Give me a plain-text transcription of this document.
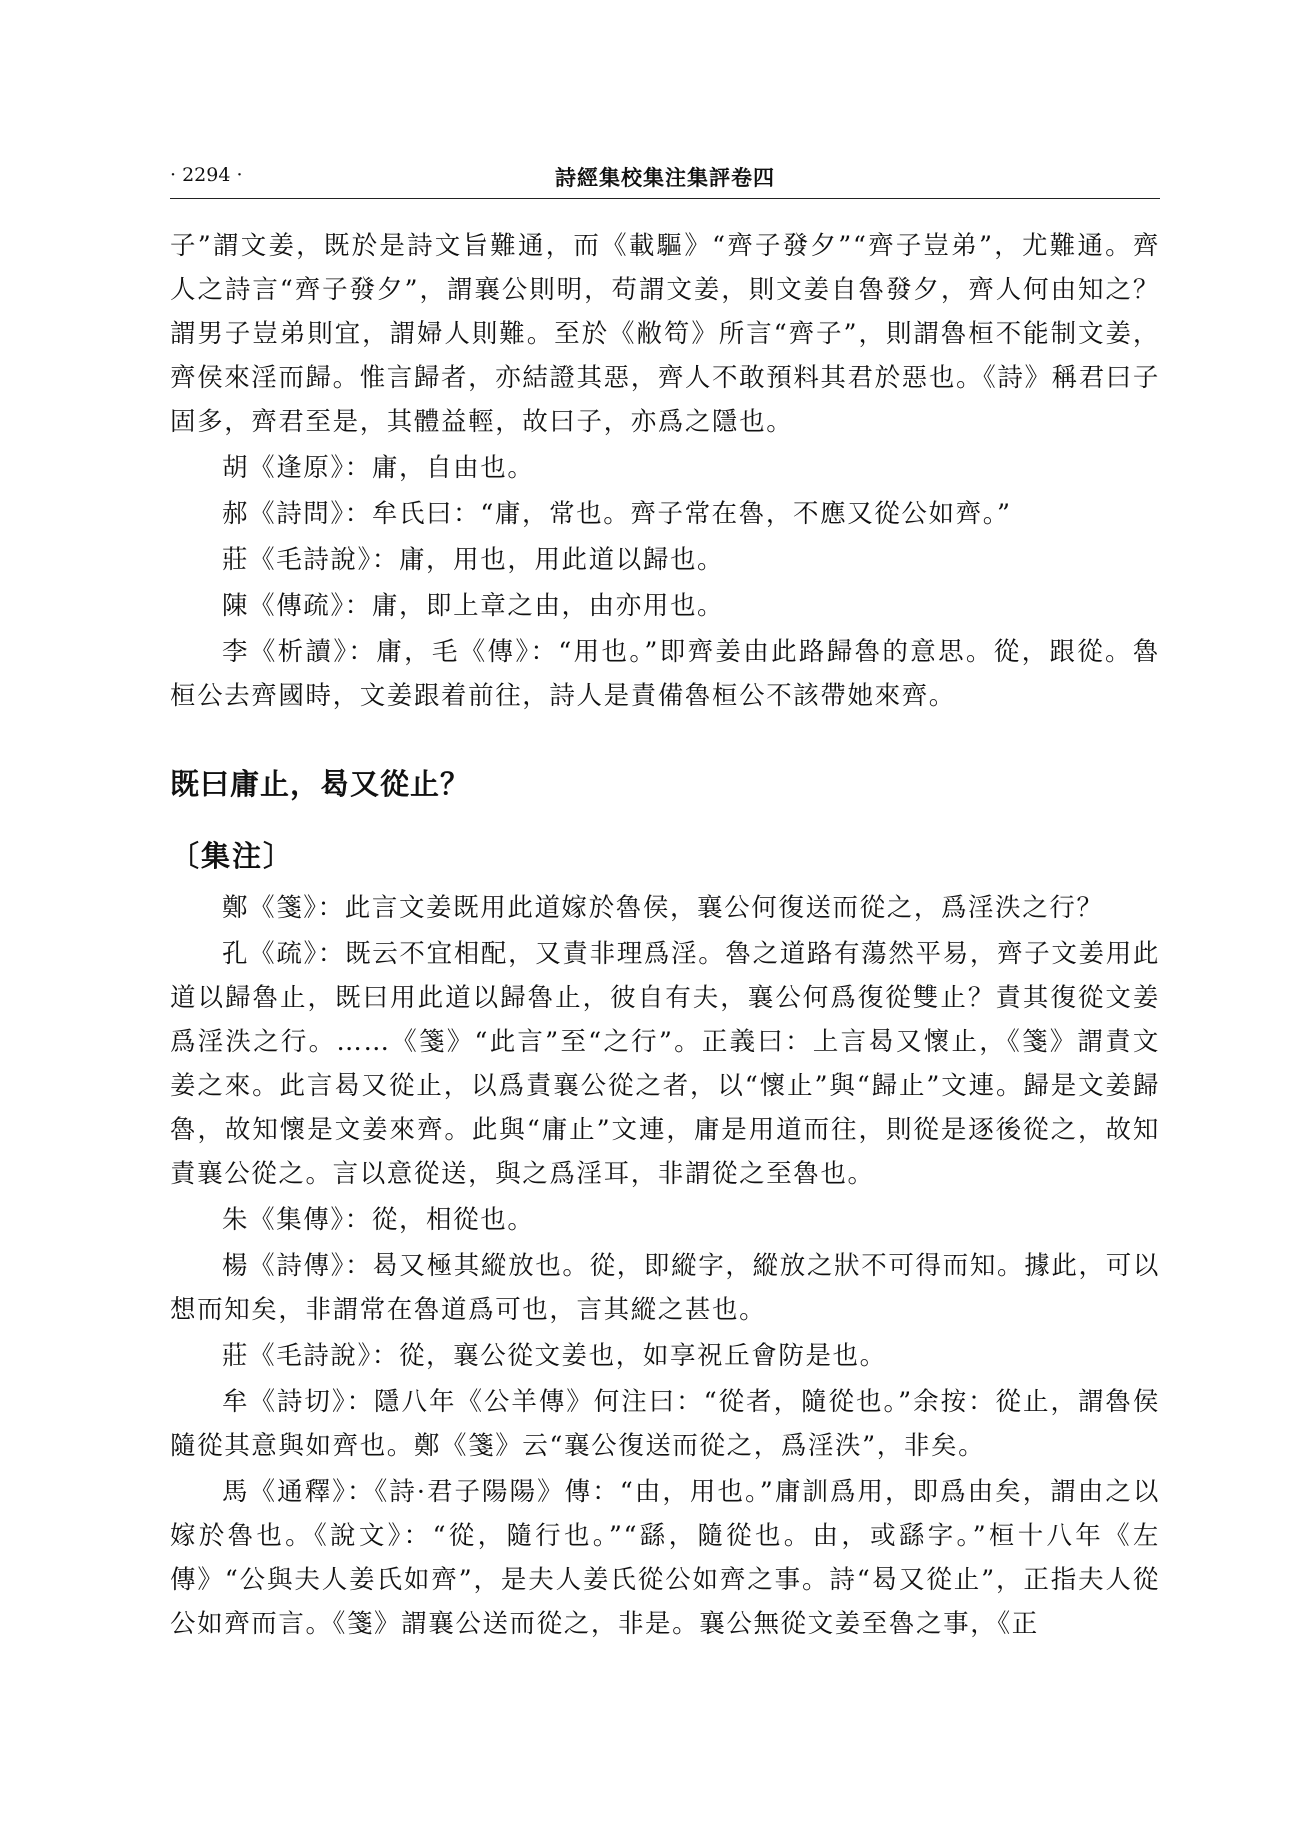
· 2294 ·	詩經集校集注集評卷四

子”謂文姜，既於是詩文旨難通，而《載驅》“齊子發夕”“齊子豈弟”，尤難通。齊人之詩言“齊子發夕”，謂襄公則明，苟謂文姜，則文姜自魯發夕，齊人何由知之？謂男子豈弟則宜，謂婦人則難。至於《敝笱》所言“齊子”，則謂魯桓不能制文姜，齊侯來淫而歸。惟言歸者，亦結證其惡，齊人不敢預料其君於惡也。《詩》稱君曰子固多，齊君至是，其體益輕，故曰子，亦爲之隱也。

胡《逢原》：庸，自由也。

郝《詩問》：牟氏曰：“庸，常也。齊子常在魯，不應又從公如齊。”

莊《毛詩說》：庸，用也，用此道以歸也。

陳《傳疏》：庸，即上章之由，由亦用也。

李《析讀》：庸，毛《傳》：“用也。”即齊姜由此路歸魯的意思。從，跟從。魯桓公去齊國時，文姜跟着前往，詩人是責備魯桓公不該帶她來齊。

既曰庸止，曷又從止？
〔集注〕

鄭《箋》：此言文姜既用此道嫁於魯侯，襄公何復送而從之，爲淫泆之行？

孔《疏》：既云不宜相配，又責非理爲淫。魯之道路有蕩然平易，齊子文姜用此道以歸魯止，既曰用此道以歸魯止，彼自有夫，襄公何爲復從雙止？責其復從文姜爲淫泆之行。……《箋》“此言”至“之行”。正義曰：上言曷又懷止，《箋》謂責文姜之來。此言曷又從止，以爲責襄公從之者，以“懷止”與“歸止”文連。歸是文姜歸魯，故知懷是文姜來齊。此與“庸止”文連，庸是用道而往，則從是逐後從之，故知責襄公從之。言以意從送，與之爲淫耳，非謂從之至魯也。

朱《集傳》：從，相從也。

楊《詩傳》：曷又極其縱放也。從，即縱字，縱放之狀不可得而知。據此，可以想而知矣，非謂常在魯道爲可也，言其縱之甚也。

莊《毛詩說》：從，襄公從文姜也，如享祝丘會防是也。

牟《詩切》：隱八年《公羊傳》何注曰：“從者，隨從也。”余按：從止，謂魯侯隨從其意與如齊也。鄭《箋》云“襄公復送而從之，爲淫泆”，非矣。

馬《通釋》：《詩·君子陽陽》傳：“由，用也。”庸訓爲用，即爲由矣，謂由之以嫁於魯也。《說文》：“從，隨行也。”“繇，隨從也。由，或繇字。”桓十八年《左傳》“公與夫人姜氏如齊”，是夫人姜氏從公如齊之事。詩“曷又從止”，正指夫人從公如齊而言。《箋》謂襄公送而從之，非是。襄公無從文姜至魯之事，《正
